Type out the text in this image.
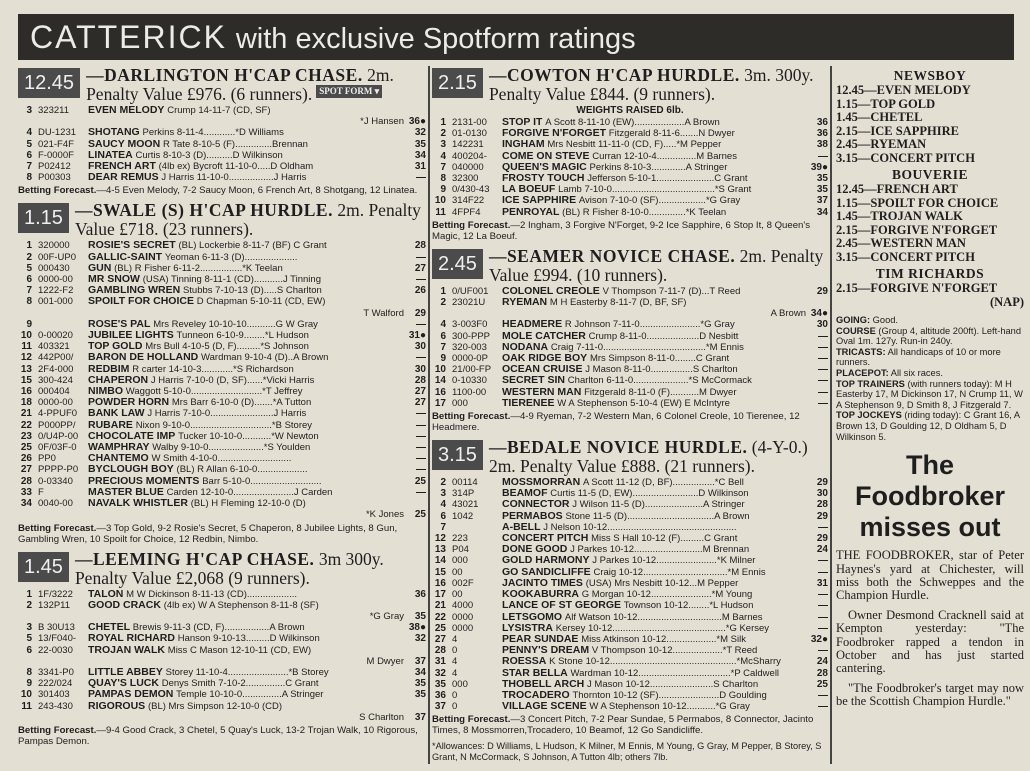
CATTERICK with exclusive Spotform ratings
12.45 —DARLINGTON H'CAP CHASE. 2m. Penalty Value £976. (6 runners). SPOT FORM ▾
3 323211	EVEN MELODY Crump 14-11-7 (CD, SF)
*J Hansen 36●
4 DU-1231	SHOTANG Perkins 8-11-4............*D Williams	32
5 021-F4F	SAUCY MOON R Tate 8-10-5 (F)..............Brennan	35
6 F-0000F	LINATEA Curtis 8-10-3 (D)..........D Wilkinson	34
7 P02412	FRENCH ART (4lb ex) Bycroft 11-10-0.....D Oldham	31
8 P00303	DEAR REMUS J Harris 11-10-0.................J Harris	—
Betting Forecast.—4-5 Even Melody, 7-2 Saucy Moon, 6 French Art, 8 Shotgang, 12 Linatea.
1.15 —SWALE (S) H'CAP HURDLE. 2m. Penalty Value £718. (23 runners).
1 320000	ROSIE'S SECRET (BL) Lockerbie 8-11-7 (BF) C Grant	28
2 00F-UP0	GALLIC-SAINT Yeoman 6-11-3 (D)....................	—
5 000430	GUN (BL) R Fisher 6-11-2................*K Teelan	27
6 0000-00	MR SNOW (USA) Tinning 8-11-1 (CD)...........J Tinning	—
7 1222-F2	GAMBLING WREN Stubbs 7-10-13 (D).....S Charlton	26
8 001-000	SPOILT FOR CHOICE D Chapman 5-10-11 (CD, EW)
T Walford	29
9	ROSE'S PAL Mrs Reveley 10-10-10...........G W Gray	—
10 0-00020	JUBILEE LIGHTS Tunneon 6-10-9........*L Hudson	31●
11 403321	TOP GOLD Mrs Bull 4-10-5 (D, F).........*S Johnson	30
12 442P00/	BARON DE HOLLAND Wardman 9-10-4 (D)..A Brown	—
13 2F4-000	REDBIM R carter 14-10-3............*S Richardson	30
15 300-424	CHAPERON J Harris 7-10-0 (D, SF)......*Vicki Harris	28
16 000404	NIMBO Waggott 5-10-0...........................*T Jeffrey	27
18 0000-00	POWDER HORN Mrs Barr 6-10-0 (D).......*A Tutton	27
21 4-PPUF0	BANK LAW J Harris 7-10-0........................J Harris	—
22 P000PP/	RUBARE Nixon 9-10-0...............................*B Storey	—
23 0/U4P-00 CHOCOLATE IMP Tucker 10-10-0...........*W Newton	—
25 0F/03F-0	WAMPHRAY Walby 9-10-0.....................*S Youlden	—
26 PP0	CHANTEMO W Smith 4-10-0............................	—
27 PPPP-P0 BYCLOUGH BOY (BL) R Allan 6-10-0...................	—
28 0-03340	PRECIOUS MOMENTS Barr 5-10-0...........................	25
33 F	MASTER BLUE Carden 12-10-0.......................J Carden	—
34 0040-00	NAVALK WHISTLER (BL) H Fleming 12-10-0 (D)
*K Jones	25
Betting Forecast.—3 Top Gold, 9-2 Rosie's Secret, 5 Chaperon, 8 Jubilee Lights, 8 Gun, Gambling Wren, 10 Spoilt for Choice, 12 Redbin, Nimbo.
1.45 —LEEMING H'CAP CHASE. 3m 300y. Penalty Value £2,068 (9 runners).
1 1F/3222	TALON M W Dickinson 8-11-13 (CD)...................	36
2 132P11	GOOD CRACK (4lb ex) W A Stephenson 8-11-8 (SF)
*G Gray	35
3 B 30U13	CHETEL Brewis 9-11-3 (CD, F).................A Brown	38●
5 13/F040-	ROYAL RICHARD Hanson 9-10-13.........D Wilkinson	32
6 22-0030	TROJAN WALK Miss C Mason 12-10-11 (CD, EW)
M Dwyer	37
8 3341-P0	LITTLE ABBEY Storey 11-10-4.......................*B Storey	34
9 222/024	QUAY'S LUCK Denys Smith 7-10-2...............C Grant	35
10 301403	PAMPAS DEMON Temple 10-10-0...............A Stringer	35
11 243-430	RIGOROUS (BL) Mrs Simpson 12-10-0 (CD)
S Charlton	37
Betting Forecast.—9-4 Good Crack, 3 Chetel, 5 Quay's Luck, 13-2 Trojan Walk, 10 Rigorous, Pampas Demon.
2.15 —COWTON H'CAP HURDLE. 3m. 300y. Penalty Value £844. (9 runners).
WEIGHTS RAISED 6lb.
1 2131-00	STOP IT A Scott 8-11-10 (EW)...................A Brown	36
2 01-0130	FORGIVE N'FORGET Fitzgerald 8-11-6.......N Dwyer	36
3 142231	INGHAM Mrs Nesbitt 11-11-0 (CD, F).....*M Pepper	38
4 400204-	COME ON STEVE Curran 12-10-4...............M Barnes	—
7 040000	QUEEN'S MAGIC Perkins 8-10-3.............A Stringer	39●
8 32300	FROSTY TOUCH Jefferson 5-10-1......................C Grant	35
9 0/430-43	LA BOEUF Lamb 7-10-0.......................................*S Grant	35
10 314F22	ICE SAPPHIRE Avison 7-10-0 (SF)..................*G Gray	37
11 4FPF4	PENROYAL (BL) R Fisher 8-10-0..............*K Teelan	34
Betting Forecast.—2 Ingham, 3 Forgive N'Forget, 9-2 Ice Sapphire, 6 Stop It, 8 Queen's Magic, 12 La Boeuf.
2.45 —SEAMER NOVICE CHASE. 2m. Penalty Value £994. (10 runners).
1 0/UF001	COLONEL CREOLE V Thompson 7-11-7 (D)...T Reed	29
2 23021U	RYEMAN M H Easterby 8-11-7 (D, BF, SF)
A Brown 34●
4 3-003F0	HEADMERE R Johnson 7-11-0.......................*G Gray	30
6 300-PPP	MOLE CATCHER Crump 8-11-0....................D Nesbitt	—
7 320-003	NODANA Craig 7-11-0.......................................*M Ennis	—
9 0000-0P	OAK RIDGE BOY Mrs Simpson 8-11-0........C Grant	—
10 21/00-FP	OCEAN CRUISE J Mason 8-11-0................S Charlton	—
14 0-10330	SECRET SIN Charlton 6-11-0.....................*S McCormack	—
16 1100-00	WESTERN MAN Fitzgerald 8-11-0 (F)...........M Dwyer	—
17 000	TIERENEE W A Stephenson 5-10-4 (EW) E McIntyre	—
Betting Forecast.—4-9 Ryeman, 7-2 Western Man, 6 Colonel Creole, 10 Tierenee, 12 Headmere.
3.15 —BEDALE NOVICE HURDLE. (4-Y-0.) 2m. Penalty Value £888. (21 runners).
2 00114	MOSSMORRAN A Scott 11-12 (D, BF)................*C Bell	29
3 314P	BEAMOF Curtis 11-5 (D, EW).........................D Wilkinson	30
4 43021	CONNECTOR J Wilson 11-5 (D)......................A Stringer	28
6 1042	PERMABOS Stone 11-5 (D).................................A Brown	29
7	A-BELL J Nelson 10-12.................................................	—
12 223	CONCERT PITCH Miss S Hall 10-12 (F).........C Grant	29
13 P04	DONE GOOD J Parkes 10-12..........................M Brennan	24
14 000	GOLD HARMONY J Parkes 10-12.......................*K Milner	—
15 00	GO SANDICLIFFE Craig 10-12................................*M Ennis	—
16 002F	JACINTO TIMES (USA) Mrs Nesbitt 10-12...M Pepper	31
17 00	KOOKABURRA G Morgan 10-12.......................*M Young	—
21 4000	LANCE OF ST GEORGE Townson 10-12........*L Hudson	—
22 0000	LETSGOMO Alf Watson 10-12................................M Barnes	—
25 0000	LYSISTRA Kersey 10-12...........................................*G Kersey	—
27 4	PEAR SUNDAE Miss Atkinson 10-12...................*M Silk	32●
28 0	PENNY'S DREAM V Thompson 10-12...................*T Reed	—
31 4	ROESSA K Stone 10-12................................................*McSharry	24
32 4	STAR BELLA Wardman 10-12...................................*P Caldwell	28
35 000	THOBELL ARCH J Mason 10-12........................S Charlton	25
36 0	TROCADERO Thornton 10-12 (SF).......................D Goulding	—
37 0	VILLAGE SCENE W A Stephenson 10-12...........*G Gray	—
Betting Forecast.—3 Concert Pitch, 7-2 Pear Sundae, 5 Permabos, 8 Connector, Jacinto Times, 8 Mossmorren,Trocadero, 10 Beamof, 12 Go Sandicliffe.
*Allowances: D Williams, L Hudson, K Milner, M Ennis, M Young, G Gray, M Pepper, B Storey, S Grant, N McCormack, S Johnson, A Tutton 4lb; others 7lb.
NEWSBOY
12.45—EVEN MELODY
1.15—TOP GOLD
1.45—CHETEL
2.15—ICE SAPPHIRE
2.45—RYEMAN
3.15—CONCERT PITCH
BOUVERIE
12.45—FRENCH ART
1.15—SPOILT FOR CHOICE
1.45—TROJAN WALK
2.15—FORGIVE N'FORGET
2.45—WESTERN MAN
3.15—CONCERT PITCH
TIM RICHARDS
2.15—FORGIVE N'FORGET
(NAP)
GOING: Good.
COURSE (Group 4, altitude 200ft). Left-hand Oval 1m. 127y. Run-in 240y.
TRICASTS: All handicaps of 10 or more runners.
PLACEPOT: All six races.
TOP TRAINERS (with runners today): M H Easterby 17, M Dickinson 17, N Crump 11, W A Stephenson 9, D Smith 8, J Fitzgerald 7.
TOP JOCKEYS (riding today): C Grant 16, A Brown 13, D Goulding 12, D Oldham 5, D Wilkinson 5.
The Foodbroker misses out
THE FOODBROKER, star of Peter Haynes's yard at Chichester, will miss both the Schweppes and the Champion Hurdle.
Owner Desmond Cracknell said at Kempton yesterday: "The Foodbroker rapped a tendon in October and has just started cantering.
"The Foodbroker's target may now be the Scottish Champion Hurdle."
